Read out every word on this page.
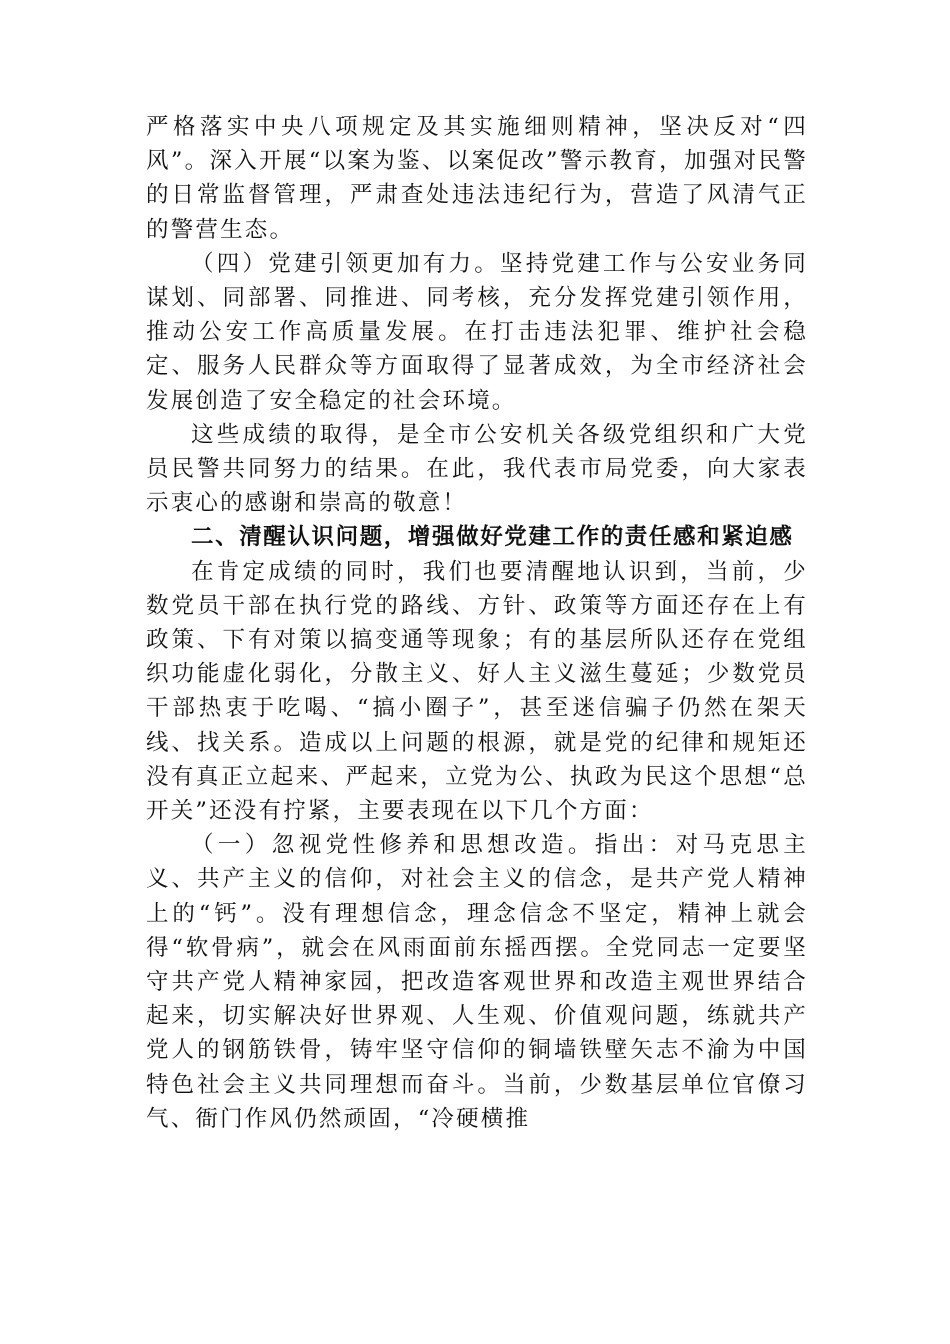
严格落实中央八项规定及其实施细则精神，坚决反对“四风”。深入开展“以案为鉴、以案促改”警示教育，加强对民警的日常监督管理，严肃查处违法违纪行为，营造了风清气正的警营生态。

（四）党建引领更加有力。坚持党建工作与公安业务同谋划、同部署、同推进、同考核，充分发挥党建引领作用，推动公安工作高质量发展。在打击违法犯罪、维护社会稳定、服务人民群众等方面取得了显著成效，为全市经济社会发展创造了安全稳定的社会环境。

这些成绩的取得，是全市公安机关各级党组织和广大党员民警共同努力的结果。在此，我代表市局党委，向大家表示衷心的感谢和崇高的敬意！

二、清醒认识问题，增强做好党建工作的责任感和紧迫感

在肯定成绩的同时，我们也要清醒地认识到，当前，少数党员干部在执行党的路线、方针、政策等方面还存在上有政策、下有对策以搞变通等现象；有的基层所队还存在党组织功能虚化弱化，分散主义、好人主义滋生蔓延；少数党员干部热衷于吃喝、“搞小圈子”，甚至迷信骗子仍然在架天线、找关系。造成以上问题的根源，就是党的纪律和规矩还没有真正立起来、严起来，立党为公、执政为民这个思想“总开关”还没有拧紧，主要表现在以下几个方面：

（一）忽视党性修养和思想改造。指出：对马克思主义、共产主义的信仰，对社会主义的信念，是共产党人精神上的“钙”。没有理想信念，理念信念不坚定，精神上就会得“软骨病”，就会在风雨面前东摇西摆。全党同志一定要坚守共产党人精神家园，把改造客观世界和改造主观世界结合起来，切实解决好世界观、人生观、价值观问题，练就共产党人的钢筋铁骨，铸牢坚守信仰的铜墙铁壁矢志不渝为中国特色社会主义共同理想而奋斗。当前，少数基层单位官僚习气、衙门作风仍然顽固，“冷硬横推
